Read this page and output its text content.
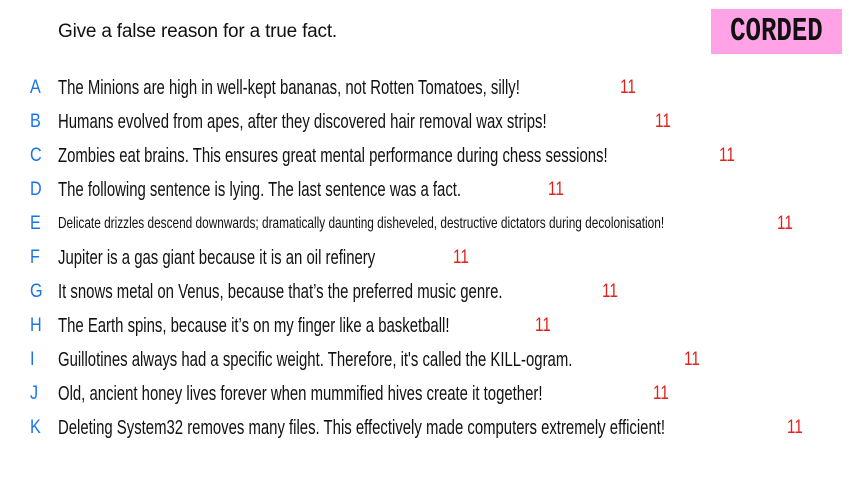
Give a false reason for a true fact.	CORDED
A The Minions are high in well-kept bananas, not Rotten Tomatoes, silly!	11
B Humans evolved from apes, after they discovered hair removal wax strips!	11
C Zombies eat brains. This ensures great mental performance during chess sessions!	11
D The following sentence is lying. The last sentence was a fact.	11
E	Delicate drizzles descend downwards; dramatically daunting disheveled, destructive dictators during decolonisation!	11
F Jupiter is a gas giant because it is an oil refinery	11
G It snows metal on Venus, because that’s the preferred music genre.	11
H The Earth spins, because it’s on my finger like a basketball!	11
I	Guillotines always had a specific weight. Therefore, it's called the KILL-ogram.	11
J Old, ancient honey lives forever when mummified hives create it together!	11
K Deleting System32 removes many files. This effectively made computers extremely efficient!	11
